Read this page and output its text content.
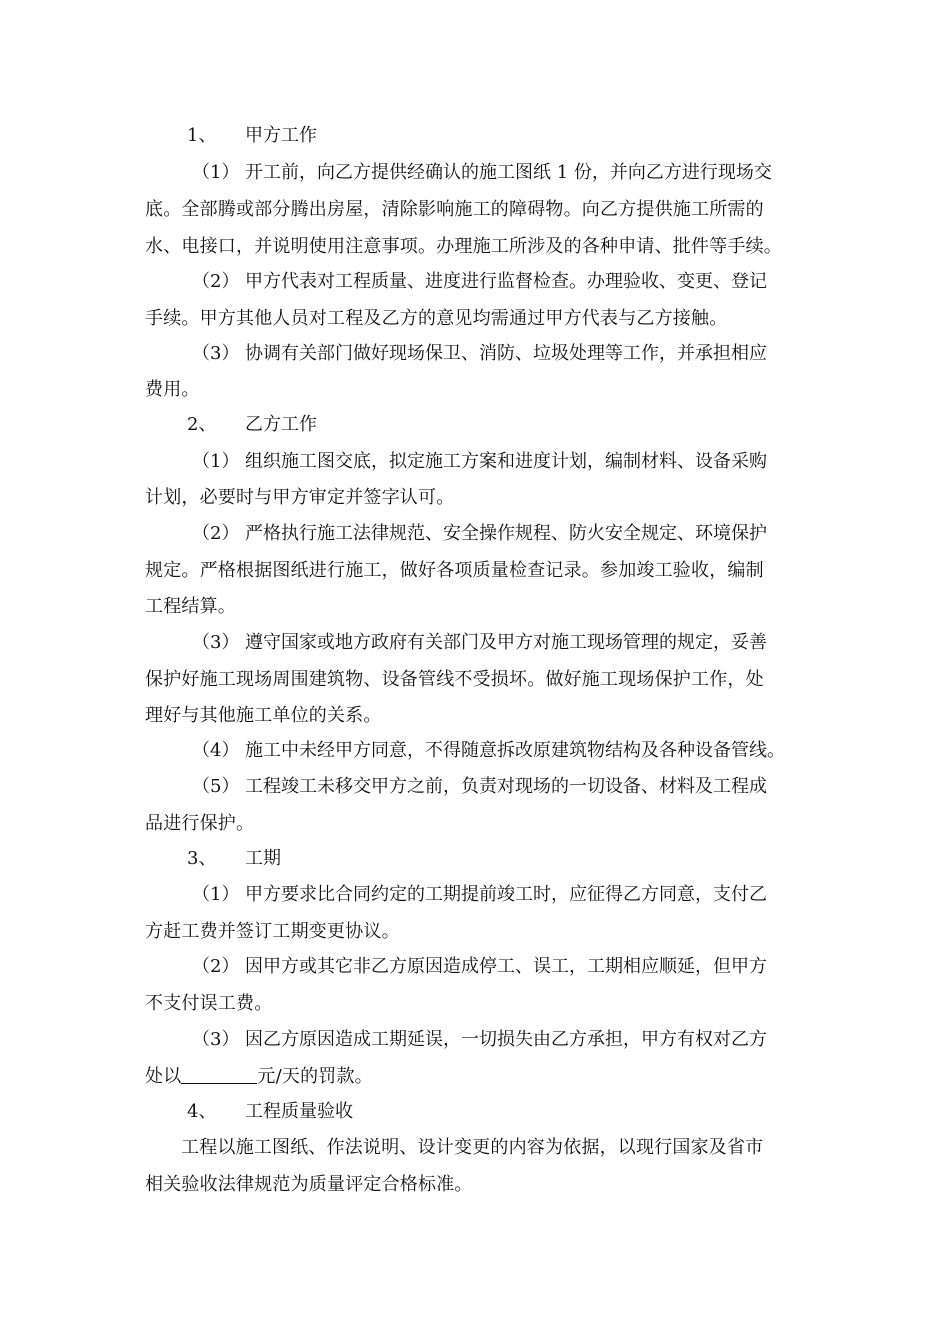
1、 甲方工作
（1） 开工前，向乙方提供经确认的施工图纸 1 份，并向乙方进行现场交
底。全部腾或部分腾出房屋，清除影响施工的障碍物。向乙方提供施工所需的
水、电接口，并说明使用注意事项。办理施工所涉及的各种申请、批件等手续。
（2） 甲方代表对工程质量、进度进行监督检查。办理验收、变更、登记
手续。甲方其他人员对工程及乙方的意见均需通过甲方代表与乙方接触。
（3） 协调有关部门做好现场保卫、消防、垃圾处理等工作，并承担相应
费用。
2、 乙方工作
（1） 组织施工图交底，拟定施工方案和进度计划，编制材料、设备采购
计划，必要时与甲方审定并签字认可。
（2） 严格执行施工法律规范、安全操作规程、防火安全规定、环境保护
规定。严格根据图纸进行施工，做好各项质量检查记录。参加竣工验收，编制
工程结算。
（3） 遵守国家或地方政府有关部门及甲方对施工现场管理的规定，妥善
保护好施工现场周围建筑物、设备管线不受损坏。做好施工现场保护工作，处
理好与其他施工单位的关系。
（4） 施工中未经甲方同意，不得随意拆改原建筑物结构及各种设备管线。
（5） 工程竣工未移交甲方之前，负责对现场的一切设备、材料及工程成
品进行保护。
3、 工期
（1） 甲方要求比合同约定的工期提前竣工时，应征得乙方同意，支付乙
方赶工费并签订工期变更协议。
（2） 因甲方或其它非乙方原因造成停工、误工，工期相应顺延，但甲方
不支付误工费。
（3） 因乙方原因造成工期延误，一切损失由乙方承担，甲方有权对乙方
处以	元/天的罚款。
4、 工程质量验收
工程以施工图纸、作法说明、设计变更的内容为依据，以现行国家及省市
相关验收法律规范为质量评定合格标准。
